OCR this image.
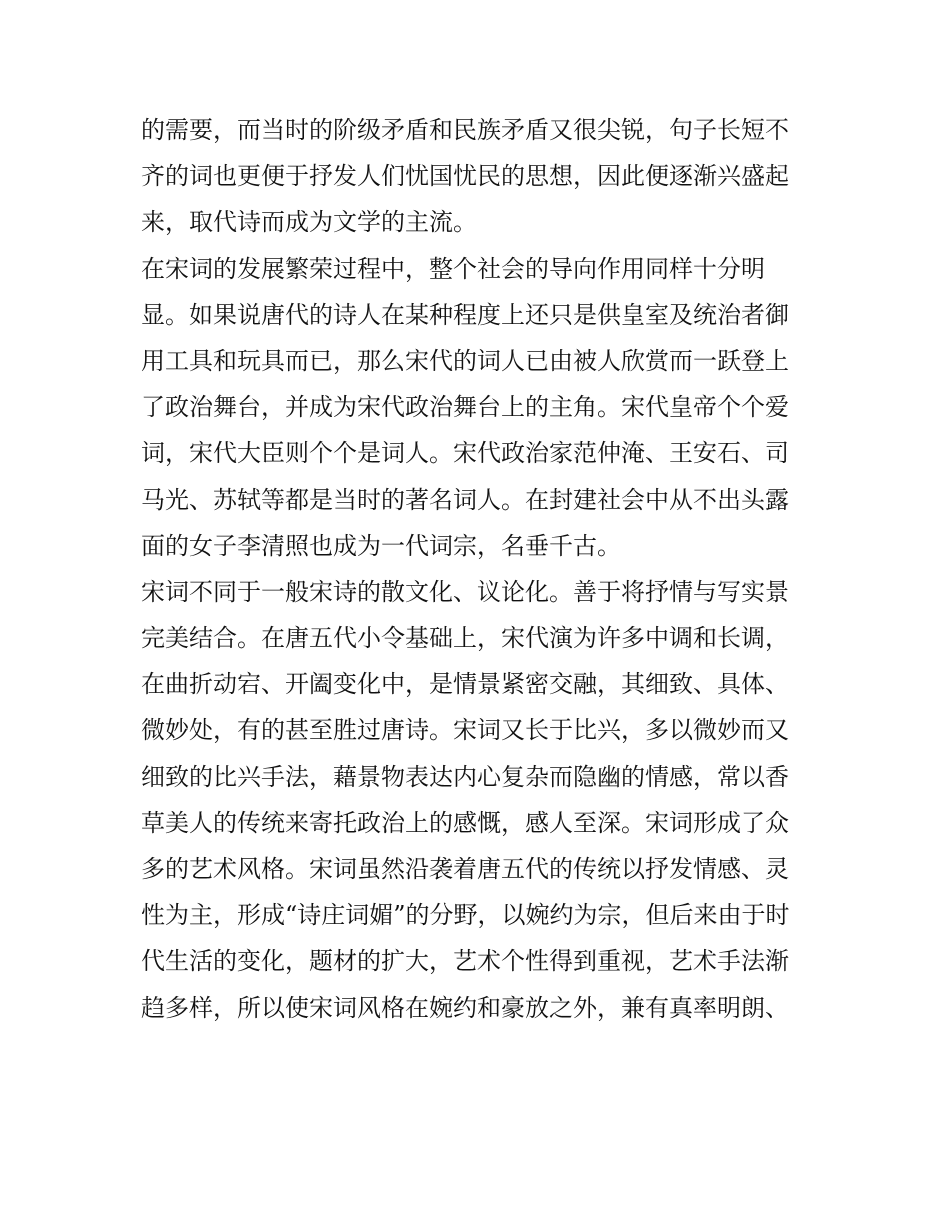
的需要，而当时的阶级矛盾和民族矛盾又很尖锐，句子长短不
齐的词也更便于抒发人们忧国忧民的思想，因此便逐渐兴盛起
来，取代诗而成为文学的主流。
在宋词的发展繁荣过程中，整个社会的导向作用同样十分明
显。如果说唐代的诗人在某种程度上还只是供皇室及统治者御
用工具和玩具而已，那么宋代的词人已由被人欣赏而一跃登上
了政治舞台，并成为宋代政治舞台上的主角。宋代皇帝个个爱
词，宋代大臣则个个是词人。宋代政治家范仲淹、王安石、司
马光、苏轼等都是当时的著名词人。在封建社会中从不出头露
面的女子李清照也成为一代词宗，名垂千古。
宋词不同于一般宋诗的散文化、议论化。善于将抒情与写实景
完美结合。在唐五代小令基础上，宋代演为许多中调和长调，
在曲折动宕、开阖变化中，是情景紧密交融，其细致、具体、
微妙处，有的甚至胜过唐诗。宋词又长于比兴，多以微妙而又
细致的比兴手法，藉景物表达内心复杂而隐幽的情感，常以香
草美人的传统来寄托政治上的感慨，感人至深。宋词形成了众
多的艺术风格。宋词虽然沿袭着唐五代的传统以抒发情感、灵
性为主，形成“诗庄词媚”的分野，以婉约为宗，但后来由于时
代生活的变化，题材的扩大，艺术个性得到重视，艺术手法渐
趋多样，所以使宋词风格在婉约和豪放之外，兼有真率明朗、
